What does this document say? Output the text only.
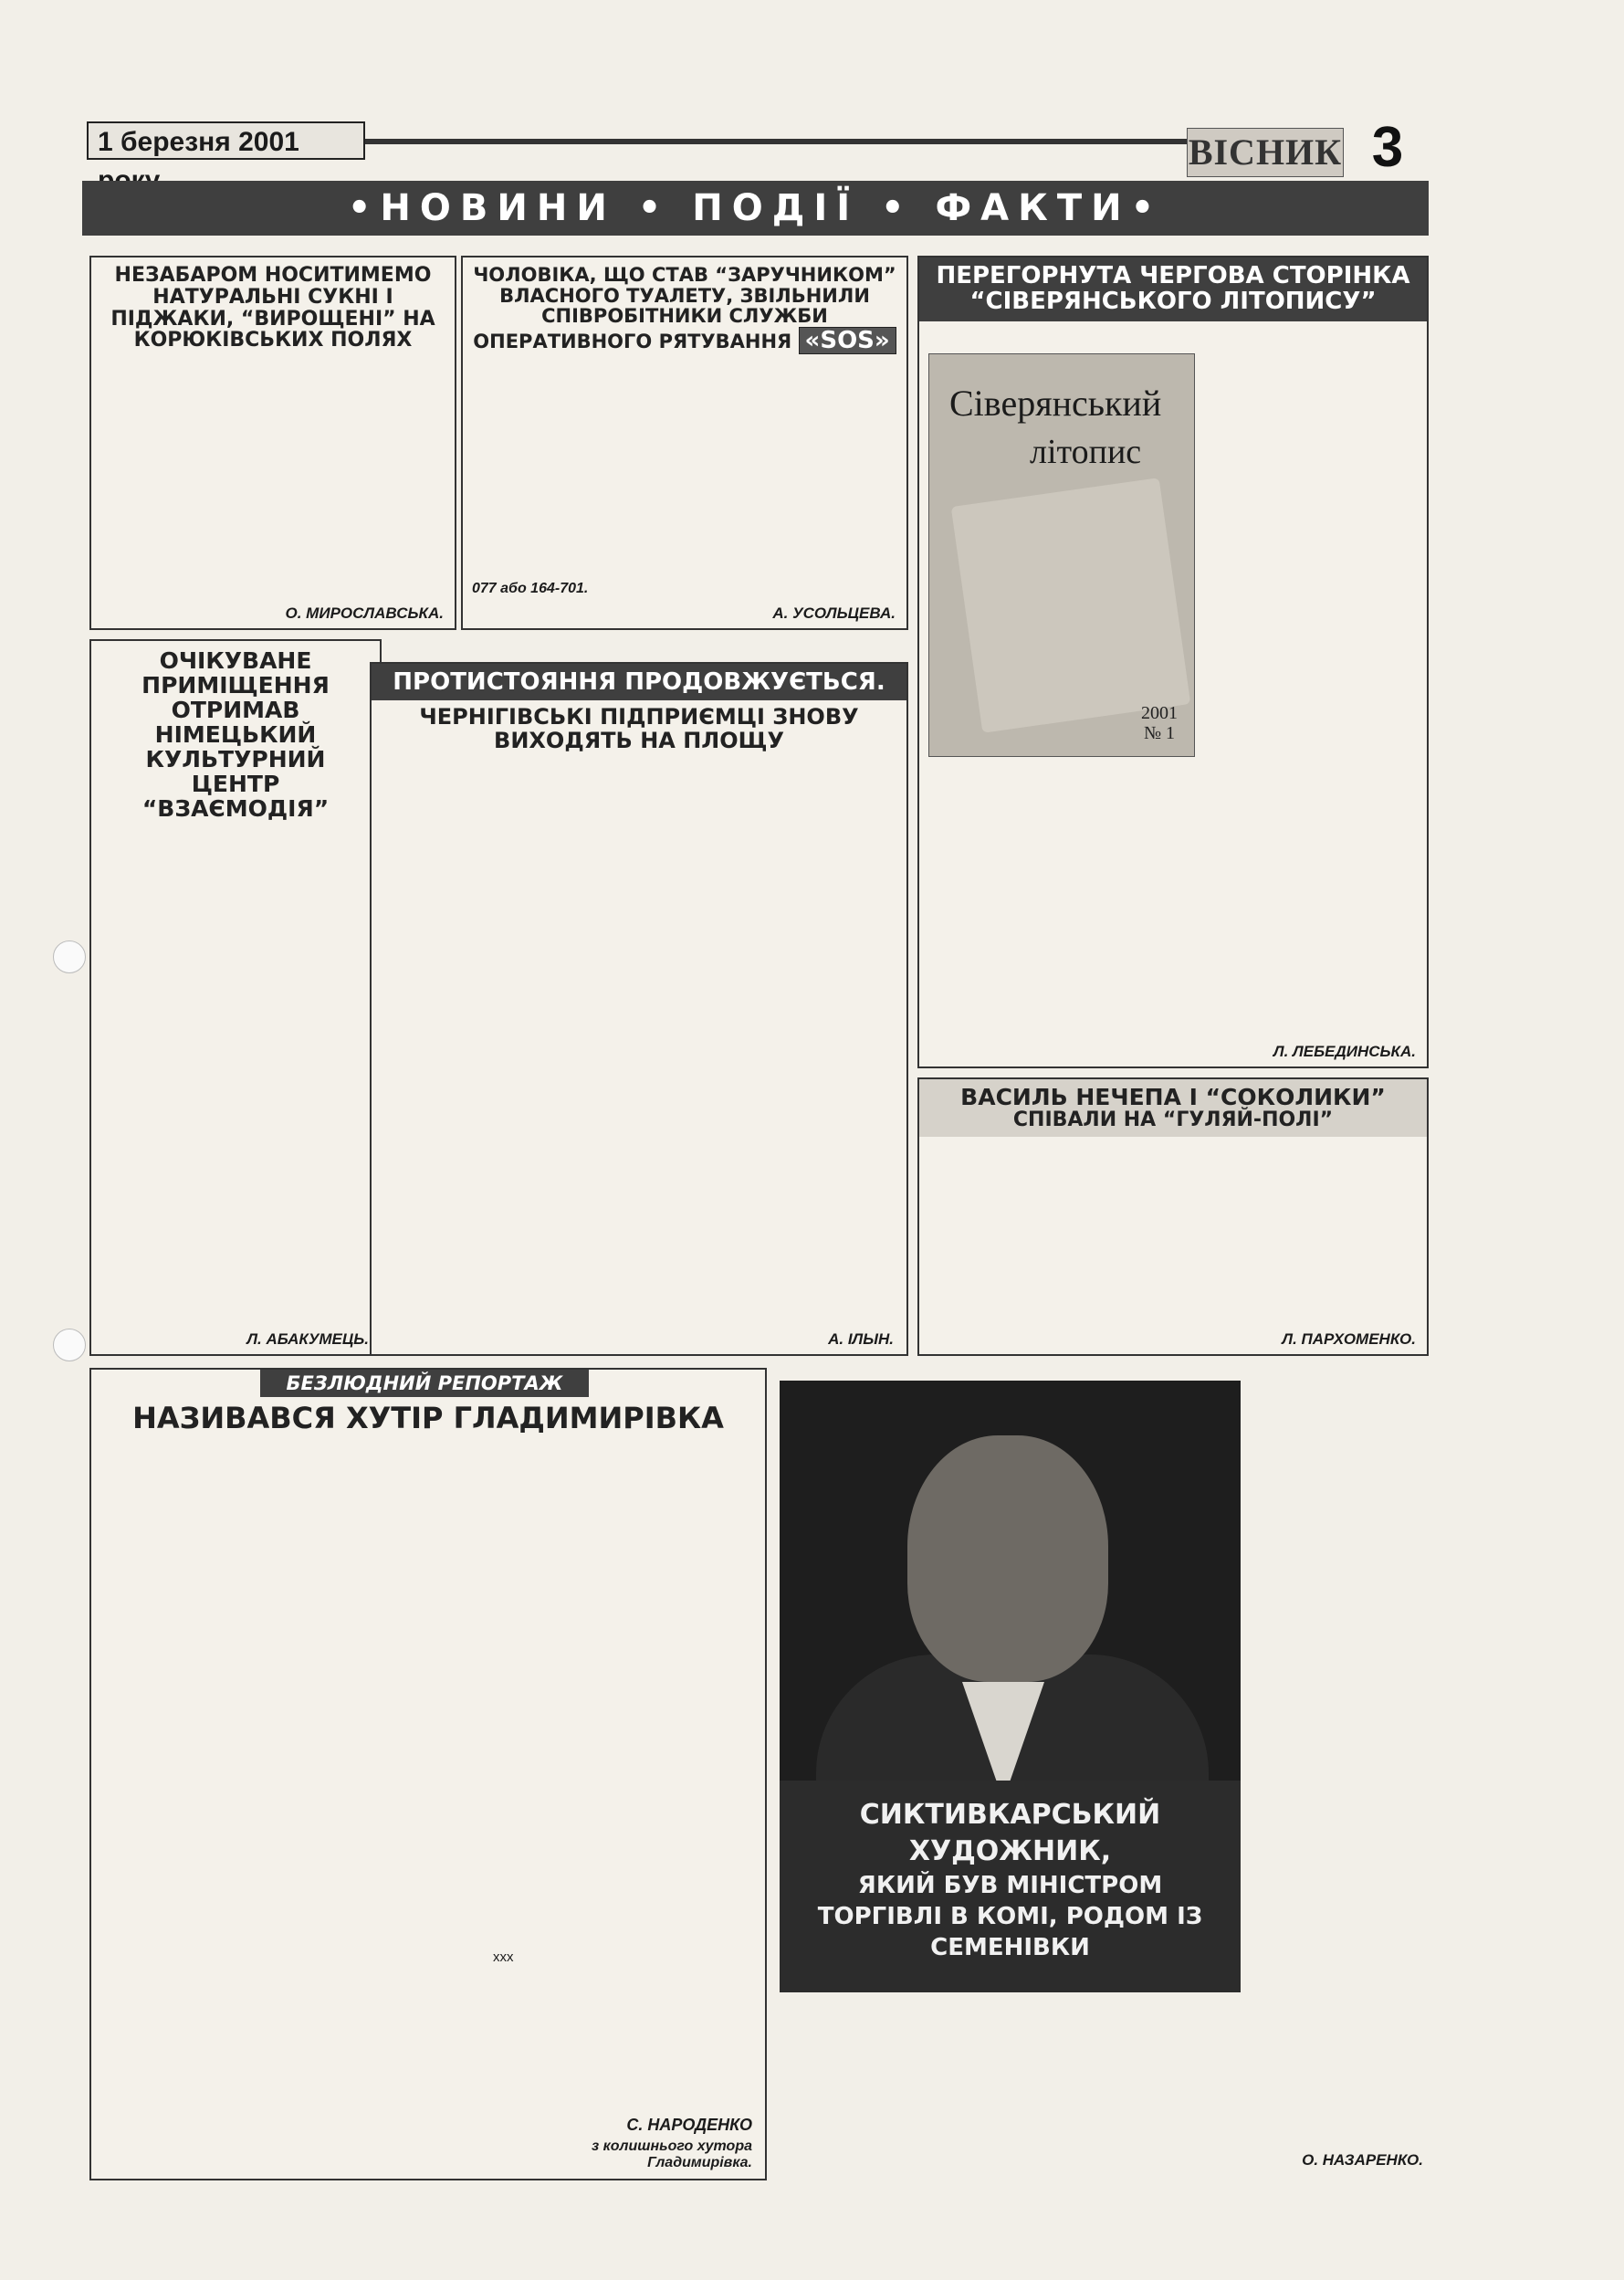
1 березня 2001	ВІСНИК 3
•НОВИНИ • ПОДІЇ • ФАКТИ•
НЕЗАБАРОМ НОСИТИМЕМО НАТУРАЛЬНІ СУКНІ І ПІДЖАКИ, “ВИРОЩЕНІ” НА КОРЮКІВСЬКИХ ПОЛЯХ
О. МИРОСЛАВСЬКА.
ЧОЛОВІКА, ЩО СТАВ “ЗАРУЧНИКОМ” ВЛАСНОГО ТУАЛЕТУ, ЗВІЛЬНИЛИ СПІВРОБІТНИКИ СЛУЖБИ ОПЕРАТИВНОГО РЯТУВАННЯ «SOS»

077 або 164-701.

А. УСОЛЬЦЕВА.
ПЕРЕГОРНУТА ЧЕРГОВА СТОРІНКА “СІВЕРЯНСЬКОГО ЛІТОПИСУ”
Сіверянський
літопис
2001
№ 1
Л. ЛЕБЕДИНСЬКА.
ОЧІКУВАНЕ ПРИМІЩЕННЯ ОТРИМАВ НІМЕЦЬКИЙ КУЛЬТУРНИЙ ЦЕНТР “ВЗАЄМОДІЯ”
Л. АБАКУМЕЦЬ.
ПРОТИСТОЯННЯ ПРОДОВЖУЄТЬСЯ.
ЧЕРНІГІВСЬКІ ПІДПРИЄМЦІ ЗНОВУ ВИХОДЯТЬ НА ПЛОЩУ
А. ІЛЬІН.
ВАСИЛЬ НЕЧЕПА І “СОКОЛИКИ”
СПІВАЛИ НА “ГУЛЯЙ-ПОЛІ”
Л. ПАРХОМЕНКО.
БЕЗЛЮДНИЙ РЕПОРТАЖ
НАЗИВАВСЯ ХУТІР ГЛАДИМИРІВКА
ххх
С. НАРОДЕНКО
з колишнього хутора Гладимирівка.
СИКТИВКАРСЬКИЙ ХУДОЖНИК,
ЯКИЙ БУВ МІНІСТРОМ ТОРГІВЛІ В КОМІ, РОДОМ ІЗ СЕМЕНІВКИ
О. НАЗАРЕНКО.
